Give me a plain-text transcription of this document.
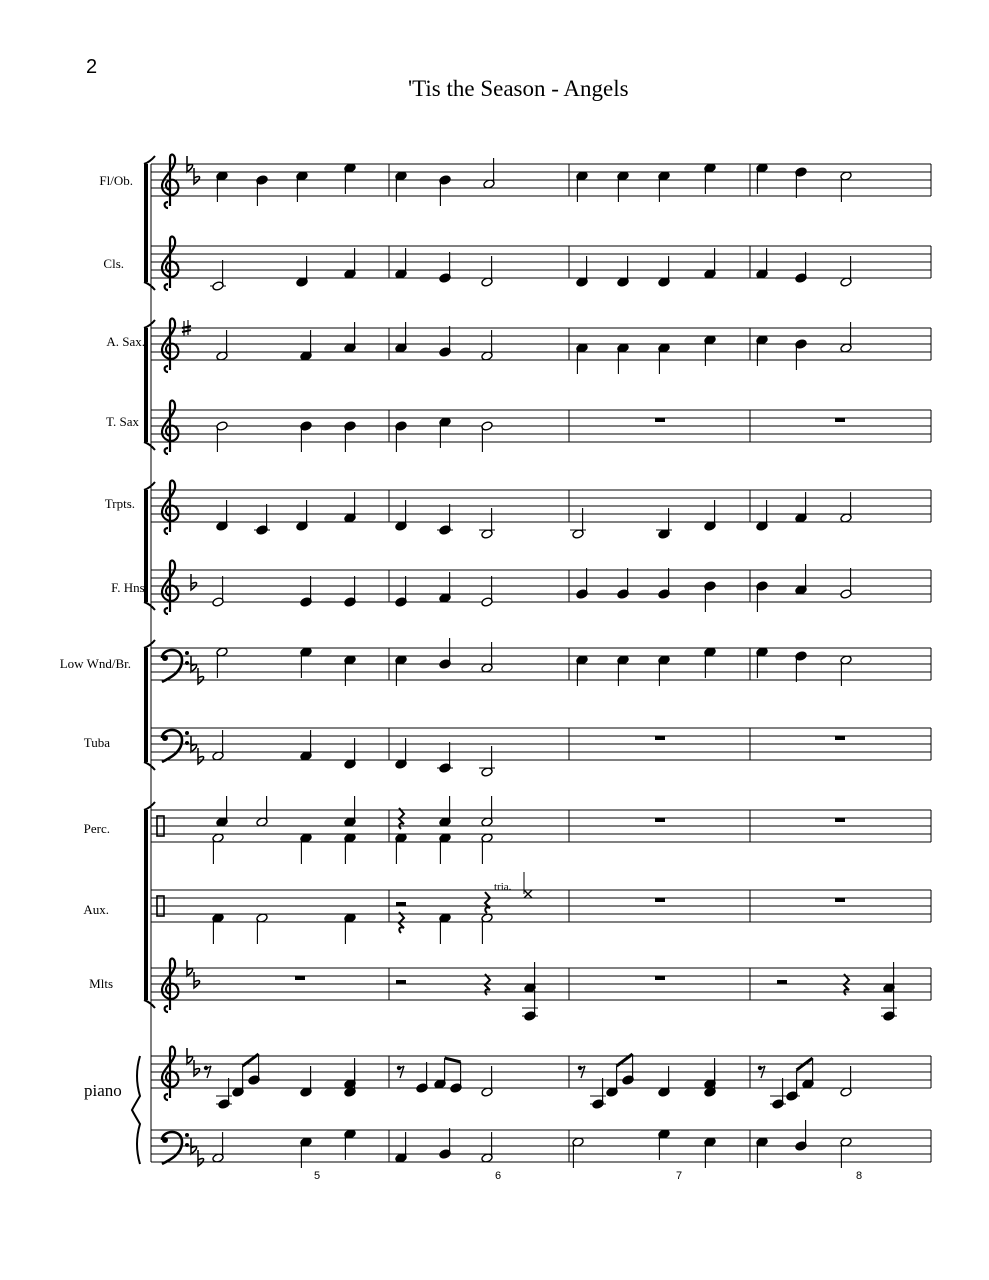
2
'Tis the Season - Angels
Fl/Ob.
Cls.
A. Sax.
T. Sax
Trpts.
F. Hns.
Low Wnd/Br.
Tuba
Perc.
Aux.
Mlts
piano
5	6	7	8
tria.
